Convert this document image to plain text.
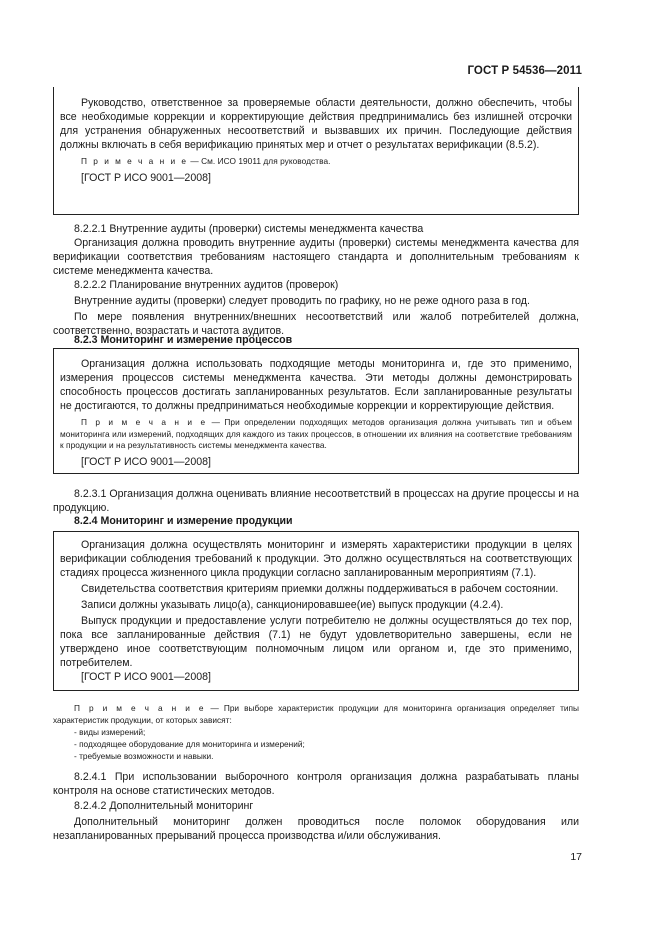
ГОСТ Р 54536—2011

Руководство, ответственное за проверяемые области деятельности, должно обеспечить, чтобы все необходимые коррекции и корректирующие действия предпринимались без излишней отсрочки для устранения обнаруженных несоответствий и вызвавших их причин. Последующие действия должны включать в себя верификацию принятых мер и отчет о результатах верификации (8.5.2).

П р и м е ч а н и е — См. ИСО 19011 для руководства.

[ГОСТ Р ИСО 9001—2008]

8.2.2.1 Внутренние аудиты (проверки) системы менеджмента качества

Организация должна проводить внутренние аудиты (проверки) системы менеджмента качества для верификации соответствия требованиям настоящего стандарта и дополнительным требованиям к системе менеджмента качества.

8.2.2.2 Планирование внутренних аудитов (проверок)

Внутренние аудиты (проверки) следует проводить по графику, но не реже одного раза в год.

По мере появления внутренних/внешних несоответствий или жалоб потребителей должна, соответственно, возрастать и частота аудитов.

8.2.3 Мониторинг и измерение процессов

Организация должна использовать подходящие методы мониторинга и, где это применимо, измерения процессов системы менеджмента качества. Эти методы должны демонстрировать способность процессов достигать запланированных результатов. Если запланированные результаты не достигаются, то должны предприниматься необходимые коррекции и корректирующие действия.

П р и м е ч а н и е — При определении подходящих методов организация должна учитывать тип и объем мониторинга или измерений, подходящих для каждого из таких процессов, в отношении их влияния на соответствие требованиям к продукции и на результативность системы менеджмента качества.

[ГОСТ Р ИСО 9001—2008]

8.2.3.1 Организация должна оценивать влияние несоответствий в процессах на другие процессы и на продукцию.

8.2.4 Мониторинг и измерение продукции

Организация должна осуществлять мониторинг и измерять характеристики продукции в целях верификации соблюдения требований к продукции. Это должно осуществляться на соответствующих стадиях процесса жизненного цикла продукции согласно запланированным мероприятиям (7.1).

Свидетельства соответствия критериям приемки должны поддерживаться в рабочем состоянии.

Записи должны указывать лицо(а), санкционировавшее(ие) выпуск продукции (4.2.4).

Выпуск продукции и предоставление услуги потребителю не должны осуществляться до тех пор, пока все запланированные действия (7.1) не будут удовлетворительно завершены, если не утверждено иное соответствующим полномочным лицом или органом и, где это применимо, потребителем.

[ГОСТ Р ИСО 9001—2008]

П р и м е ч а н и е — При выборе характеристик продукции для мониторинга организация определяет типы характеристик продукции, от которых зависят:

- виды измерений;
- подходящее оборудование для мониторинга и измерений;
- требуемые возможности и навыки.

8.2.4.1 При использовании выборочного контроля организация должна разрабатывать планы контроля на основе статистических методов.

8.2.4.2 Дополнительный мониторинг

Дополнительный мониторинг должен проводиться после поломок оборудования или незапланированных прерываний процесса производства и/или обслуживания.

17
